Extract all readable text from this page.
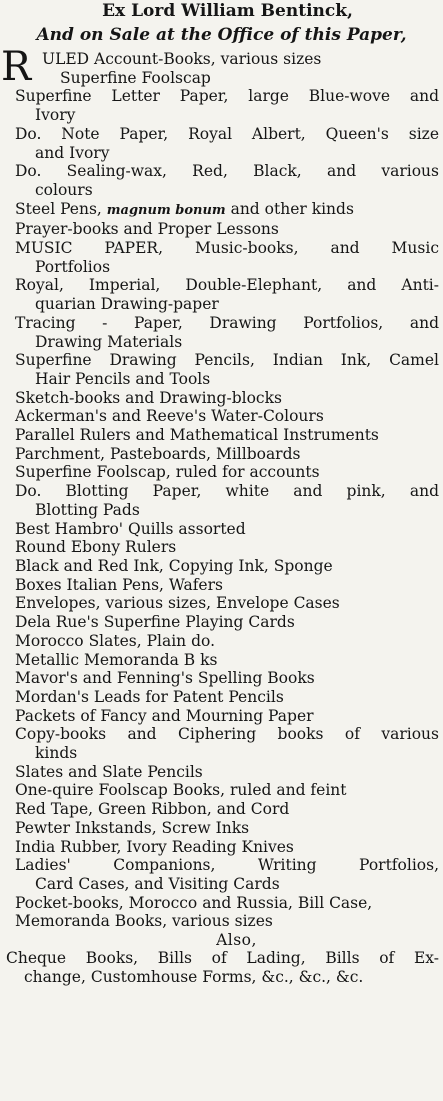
Ex Lord William Bentinck,
And on Sale at the Office of this Paper,
R ULED Account-Books, various sizes
Superfine Foolscap
Superfine Letter Paper, large Blue-wove and
Ivory
Do. Note Paper, Royal Albert, Queen's size
and Ivory
Do. Sealing-wax, Red, Black, and various
colours
Steel Pens, magnum bonum and other kinds
Prayer-books and Proper Lessons
MUSIC PAPER, Music-books, and Music
Portfolios
Royal, Imperial, Double-Elephant, and Anti-
quarian Drawing-paper
Tracing - Paper, Drawing Portfolios, and
Drawing Materials
Superfine Drawing Pencils, Indian Ink, Camel
Hair Pencils and Tools
Sketch-books and Drawing-blocks
Ackerman's and Reeve's Water-Colours
Parallel Rulers and Mathematical Instruments
Parchment, Pasteboards, Millboards
Superfine Foolscap, ruled for accounts
Do. Blotting Paper, white and pink, and
Blotting Pads
Best Hambro' Quills assorted
Round Ebony Rulers
Black and Red Ink, Copying Ink, Sponge
Boxes Italian Pens, Wafers
Envelopes, various sizes, Envelope Cases
Dela Rue's Superfine Playing Cards
Morocco Slates, Plain do.
Metallic Memoranda B ks
Mavor's and Fenning's Spelling Books
Mordan's Leads for Patent Pencils
Packets of Fancy and Mourning Paper
Copy-books and Ciphering books of various
kinds
Slates and Slate Pencils
One-quire Foolscap Books, ruled and feint
Red Tape, Green Ribbon, and Cord
Pewter Inkstands, Screw Inks
India Rubber, Ivory Reading Knives
Ladies' Companions, Writing Portfolios,
Card Cases, and Visiting Cards
Pocket-books, Morocco and Russia, Bill Case,
Memoranda Books, various sizes
Also,
Cheque Books, Bills of Lading, Bills of Ex-
change, Customhouse Forms, &c., &c., &c.
